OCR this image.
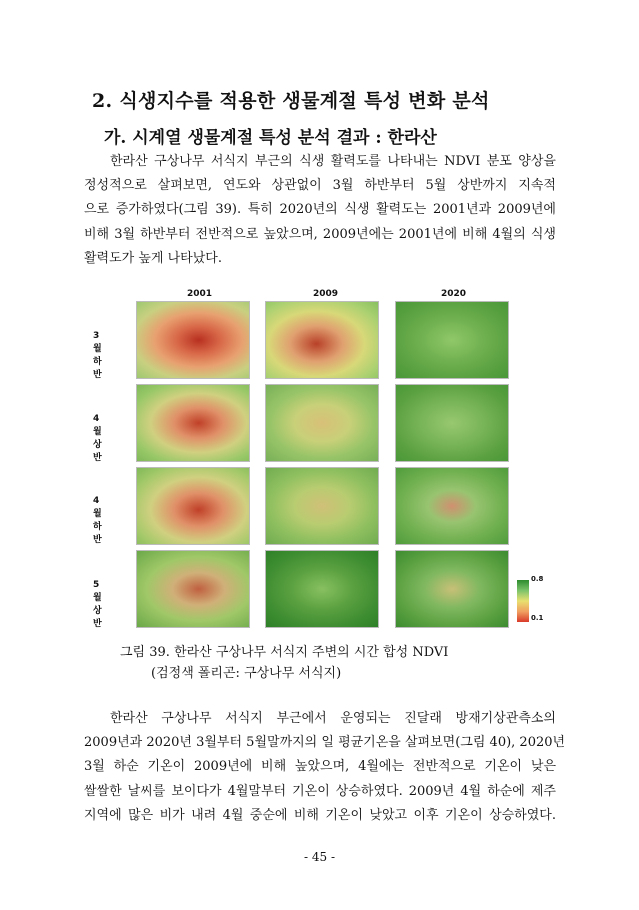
2. 식생지수를 적용한 생물계절 특성 변화 분석
가. 시계열 생물계절 특성 분석 결과 : 한라산
한라산 구상나무 서식지 부근의 식생 활력도를 나타내는 NDVI 분포 양상을
정성적으로 살펴보면, 연도와 상관없이 3월 하반부터 5월 상반까지 지속적
으로 증가하였다(그림 39). 특히 2020년의 식생 활력도는 2001년과 2009년에
비해 3월 하반부터 전반적으로 높았으며, 2009년에는 2001년에 비해 4월의 식생
활력도가 높게 나타났다.
2001	2009	2020
3월 하반
4월 상반
4월 하반
5월 상반
0.8
0.1
그림 39. 한라산 구상나무 서식지 주변의 시간 합성 NDVI
(검정색 폴리곤: 구상나무 서식지)
한라산 구상나무 서식지 부근에서 운영되는 진달래 방재기상관측소의
2009년과 2020년 3월부터 5월말까지의 일 평균기온을 살펴보면(그림 40), 2020년
3월 하순 기온이 2009년에 비해 높았으며, 4월에는 전반적으로 기온이 낮은
쌀쌀한 날씨를 보이다가 4월말부터 기온이 상승하였다. 2009년 4월 하순에 제주
지역에 많은 비가 내려 4월 중순에 비해 기온이 낮았고 이후 기온이 상승하였다.
- 45 -
